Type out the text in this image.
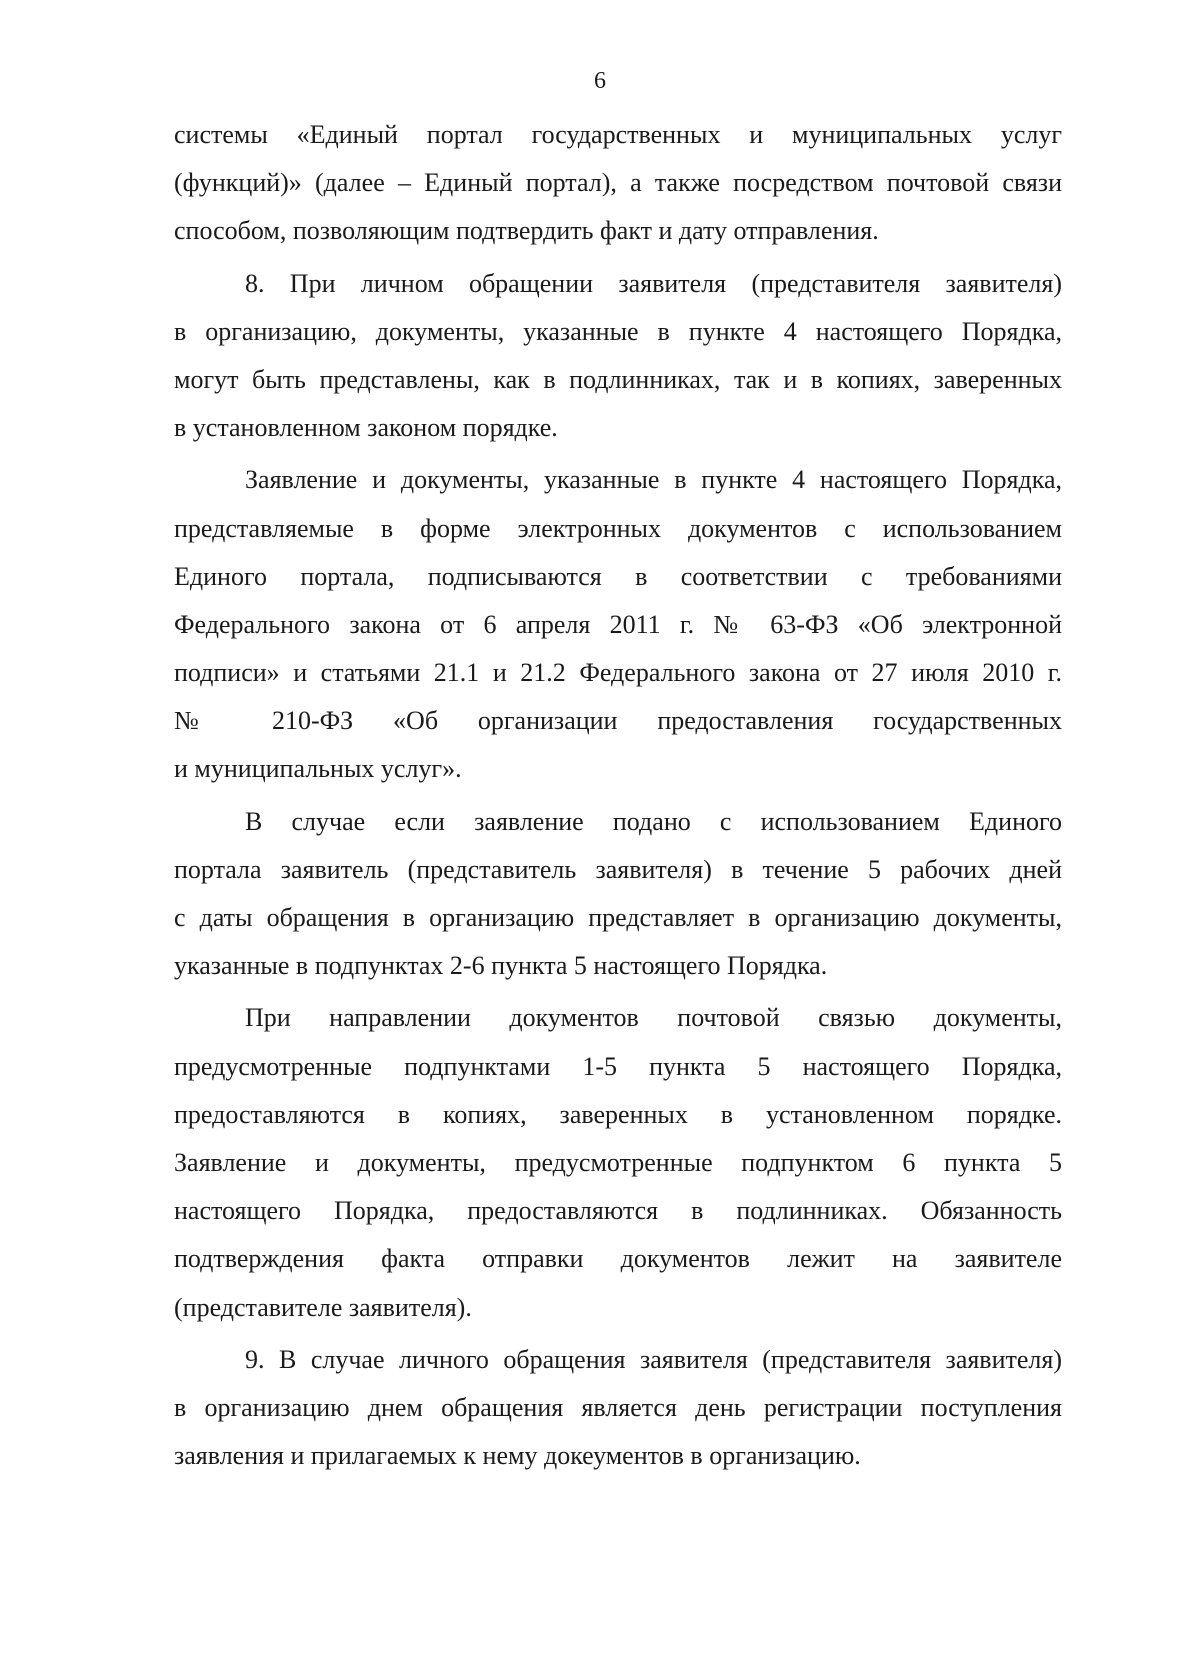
6
системы «Единый портал государственных и муниципальных услуг
(функций)» (далее – Единый портал), а также посредством почтовой связи
способом, позволяющим подтвердить факт и дату отправления.
8. При личном обращении заявителя (представителя заявителя)
в организацию, документы, указанные в пункте 4 настоящего Порядка,
могут быть представлены, как в подлинниках, так и в копиях, заверенных
в установленном законом порядке.
Заявление и документы, указанные в пункте 4 настоящего Порядка,
представляемые в форме электронных документов с использованием
Единого портала, подписываются в соответствии с требованиями
Федерального закона от 6 апреля 2011 г. № 63-ФЗ «Об электронной
подписи» и статьями 21.1 и 21.2 Федерального закона от 27 июля 2010 г.
№ 210-ФЗ «Об организации предоставления государственных
и муниципальных услуг».
В случае если заявление подано с использованием Единого
портала заявитель (представитель заявителя) в течение 5 рабочих дней
с даты обращения в организацию представляет в организацию документы,
указанные в подпунктах 2-6 пункта 5 настоящего Порядка.
При направлении документов почтовой связью документы,
предусмотренные подпунктами 1-5 пункта 5 настоящего Порядка,
предоставляются в копиях, заверенных в установленном порядке.
Заявление и документы, предусмотренные подпунктом 6 пункта 5
настоящего Порядка, предоставляются в подлинниках. Обязанность
подтверждения факта отправки документов лежит на заявителе
(представителе заявителя).
9. В случае личного обращения заявителя (представителя заявителя)
в организацию днем обращения является день регистрации поступления
заявления и прилагаемых к нему докеументов в организацию.
